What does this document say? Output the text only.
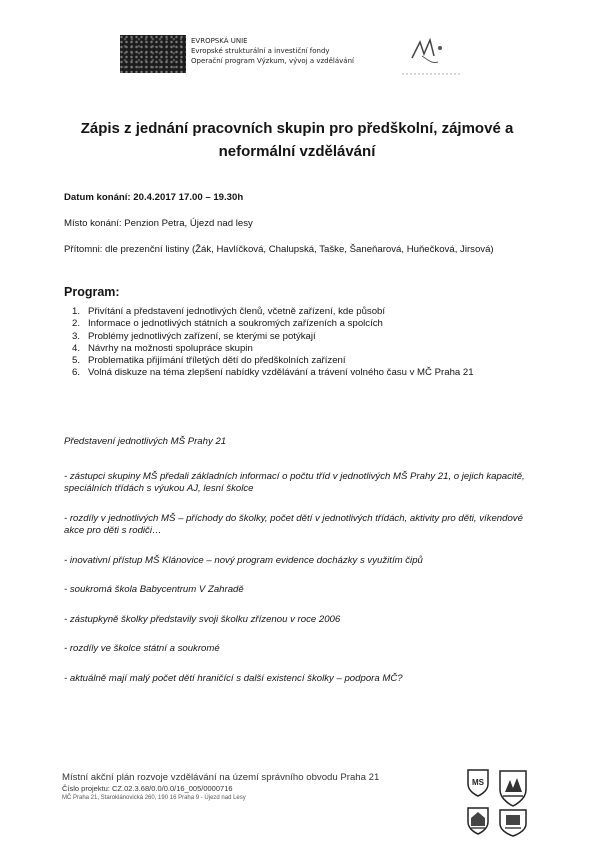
EVROPSKÁ UNIE
Evropské strukturální a investiční fondy
Operační program Výzkum, vývoj a vzdělávání
Zápis z jednání pracovních skupin pro předškolní, zájmové a
neformální vzdělávání
Datum konání: 20.4.2017 17.00 – 19.30h
Místo konání: Penzion Petra, Újezd nad lesy
Přítomni: dle prezenční listiny (Žák, Havlíčková, Chalupská, Taške, Šaneňarová, Huňečková, Jirsová)
Program:
1. Přivítání a představení jednotlivých členů, včetně zařízení, kde působí
2. Informace o jednotlivých státních a soukromých zařízeních a spolcích
3. Problémy jednotlivých zařízení, se kterými se potýkají
4. Návrhy na možnosti spolupráce skupin
5. Problematika přijímání tříletých dětí do předškolních zařízení
6. Volná diskuze na téma zlepšení nabídky vzdělávání a trávení volného času v MČ Praha 21
Představení jednotlivých MŠ Prahy 21

- zástupci skupiny MŠ předali základních informací o počtu tříd v jednotlivých MŠ Prahy 21, o jejich kapacitě, speciálních třídách s výukou AJ, lesní školce

- rozdíly v jednotlivých MŠ – příchody do školky, počet dětí v jednotlivých třídách, aktivity pro děti, víkendové akce pro děti s rodiči…

- inovativní přístup MŠ Klánovice – nový program evidence docházky s využitím čipů

- soukromá škola Babycentrum V Zahradě

- zástupkyně školky představily svoji školku zřízenou v roce 2006

- rozdíly ve školce státní a soukromé

- aktuálně mají malý počet dětí hraničící s další existencí školky – podpora MČ?

Místní akční plán rozvoje vzdělávání na území správního obvodu Praha 21
Číslo projektu: CZ.02.3.68/0.0/0.0/16_005/0000716
MČ Praha 21, Staroklánovická 260, 190 16 Praha 9 - Újezd nad Lesy
MS
